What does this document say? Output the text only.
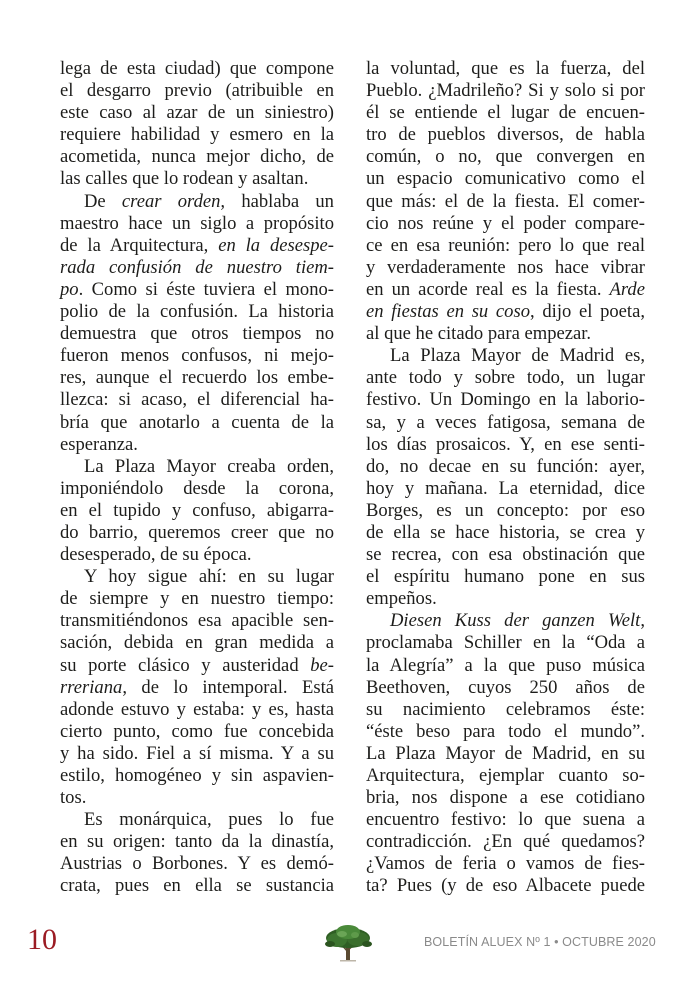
lega de esta ciudad) que compone
el desgarro previo (atribuible en
este caso al azar de un siniestro)
requiere habilidad y esmero en la
acometida, nunca mejor dicho, de
las calles que lo rodean y asaltan.
De crear orden, hablaba un
maestro hace un siglo a propósito
de la Arquitectura, en la desespe-
rada confusión de nuestro tiem-
po. Como si éste tuviera el mono-
polio de la confusión. La historia
demuestra que otros tiempos no
fueron menos confusos, ni mejo-
res, aunque el recuerdo los embe-
llezca: si acaso, el diferencial ha-
bría que anotarlo a cuenta de la
esperanza.
La Plaza Mayor creaba orden,
imponiéndolo desde la corona,
en el tupido y confuso, abigarra-
do barrio, queremos creer que no
desesperado, de su época.
Y hoy sigue ahí: en su lugar
de siempre y en nuestro tiempo:
transmitiéndonos esa apacible sen-
sación, debida en gran medida a
su porte clásico y austeridad be-
rreriana, de lo intemporal. Está
adonde estuvo y estaba: y es, hasta
cierto punto, como fue concebida
y ha sido. Fiel a sí misma. Y a su
estilo, homogéneo y sin aspavien-
tos.
Es monárquica, pues lo fue
en su origen: tanto da la dinastía,
Austrias o Borbones. Y es demó-
crata, pues en ella se sustancia
la voluntad, que es la fuerza, del
Pueblo. ¿Madrileño? Si y solo si por
él se entiende el lugar de encuen-
tro de pueblos diversos, de habla
común, o no, que convergen en
un espacio comunicativo como el
que más: el de la fiesta. El comer-
cio nos reúne y el poder compare-
ce en esa reunión: pero lo que real
y verdaderamente nos hace vibrar
en un acorde real es la fiesta. Arde
en fiestas en su coso, dijo el poeta,
al que he citado para empezar.
La Plaza Mayor de Madrid es,
ante todo y sobre todo, un lugar
festivo. Un Domingo en la laborio-
sa, y a veces fatigosa, semana de
los días prosaicos. Y, en ese senti-
do, no decae en su función: ayer,
hoy y mañana. La eternidad, dice
Borges, es un concepto: por eso
de ella se hace historia, se crea y
se recrea, con esa obstinación que
el espíritu humano pone en sus
empeños.
Diesen Kuss der ganzen Welt,
proclamaba Schiller en la “Oda a
la Alegría” a la que puso música
Beethoven, cuyos 250 años de
su nacimiento celebramos éste:
“éste beso para todo el mundo”.
La Plaza Mayor de Madrid, en su
Arquitectura, ejemplar cuanto so-
bria, nos dispone a ese cotidiano
encuentro festivo: lo que suena a
contradicción. ¿En qué quedamos?
¿Vamos de feria o vamos de fies-
ta? Pues (y de eso Albacete puede
10	BOLETÍN ALUEX Nº 1 • OCTUBRE 2020
